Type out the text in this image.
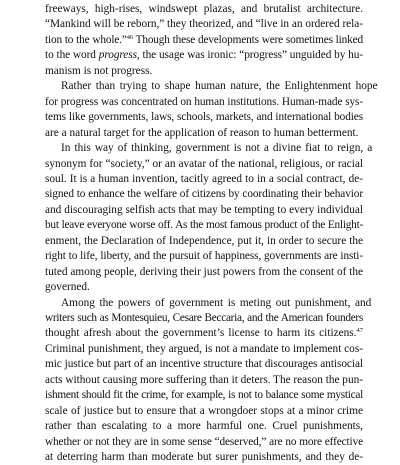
freeways, high-rises, windswept plazas, and brutalist architecture.
“Mankind will be reborn,” they theorized, and “live in an ordered rela-
tion to the whole.”$^{46}$ Though these developments were sometimes linked
to the word progress, the usage was ironic: “progress” unguided by hu-
manism is not progress.
Rather than trying to shape human nature, the Enlightenment hope
for progress was concentrated on human institutions. Human-made sys-
tems like governments, laws, schools, markets, and international bodies
are a natural target for the application of reason to human betterment.
In this way of thinking, government is not a divine fiat to reign, a
synonym for “society,” or an avatar of the national, religious, or racial
soul. It is a human invention, tacitly agreed to in a social contract, de-
signed to enhance the welfare of citizens by coordinating their behavior
and discouraging selfish acts that may be tempting to every individual
but leave everyone worse off. As the most famous product of the Enlight-
enment, the Declaration of Independence, put it, in order to secure the
right to life, liberty, and the pursuit of happiness, governments are insti-
tuted among people, deriving their just powers from the consent of the
governed.
Among the powers of government is meting out punishment, and
writers such as Montesquieu, Cesare Beccaria, and the American founders
thought afresh about the government’s license to harm its citizens.$^{47}$
Criminal punishment, they argued, is not a mandate to implement cos-
mic justice but part of an incentive structure that discourages antisocial
acts without causing more suffering than it deters. The reason the pun-
ishment should fit the crime, for example, is not to balance some mystical
scale of justice but to ensure that a wrongdoer stops at a minor crime
rather than escalating to a more harmful one. Cruel punishments,
whether or not they are in some sense “deserved,” are no more effective
at deterring harm than moderate but surer punishments, and they de-
